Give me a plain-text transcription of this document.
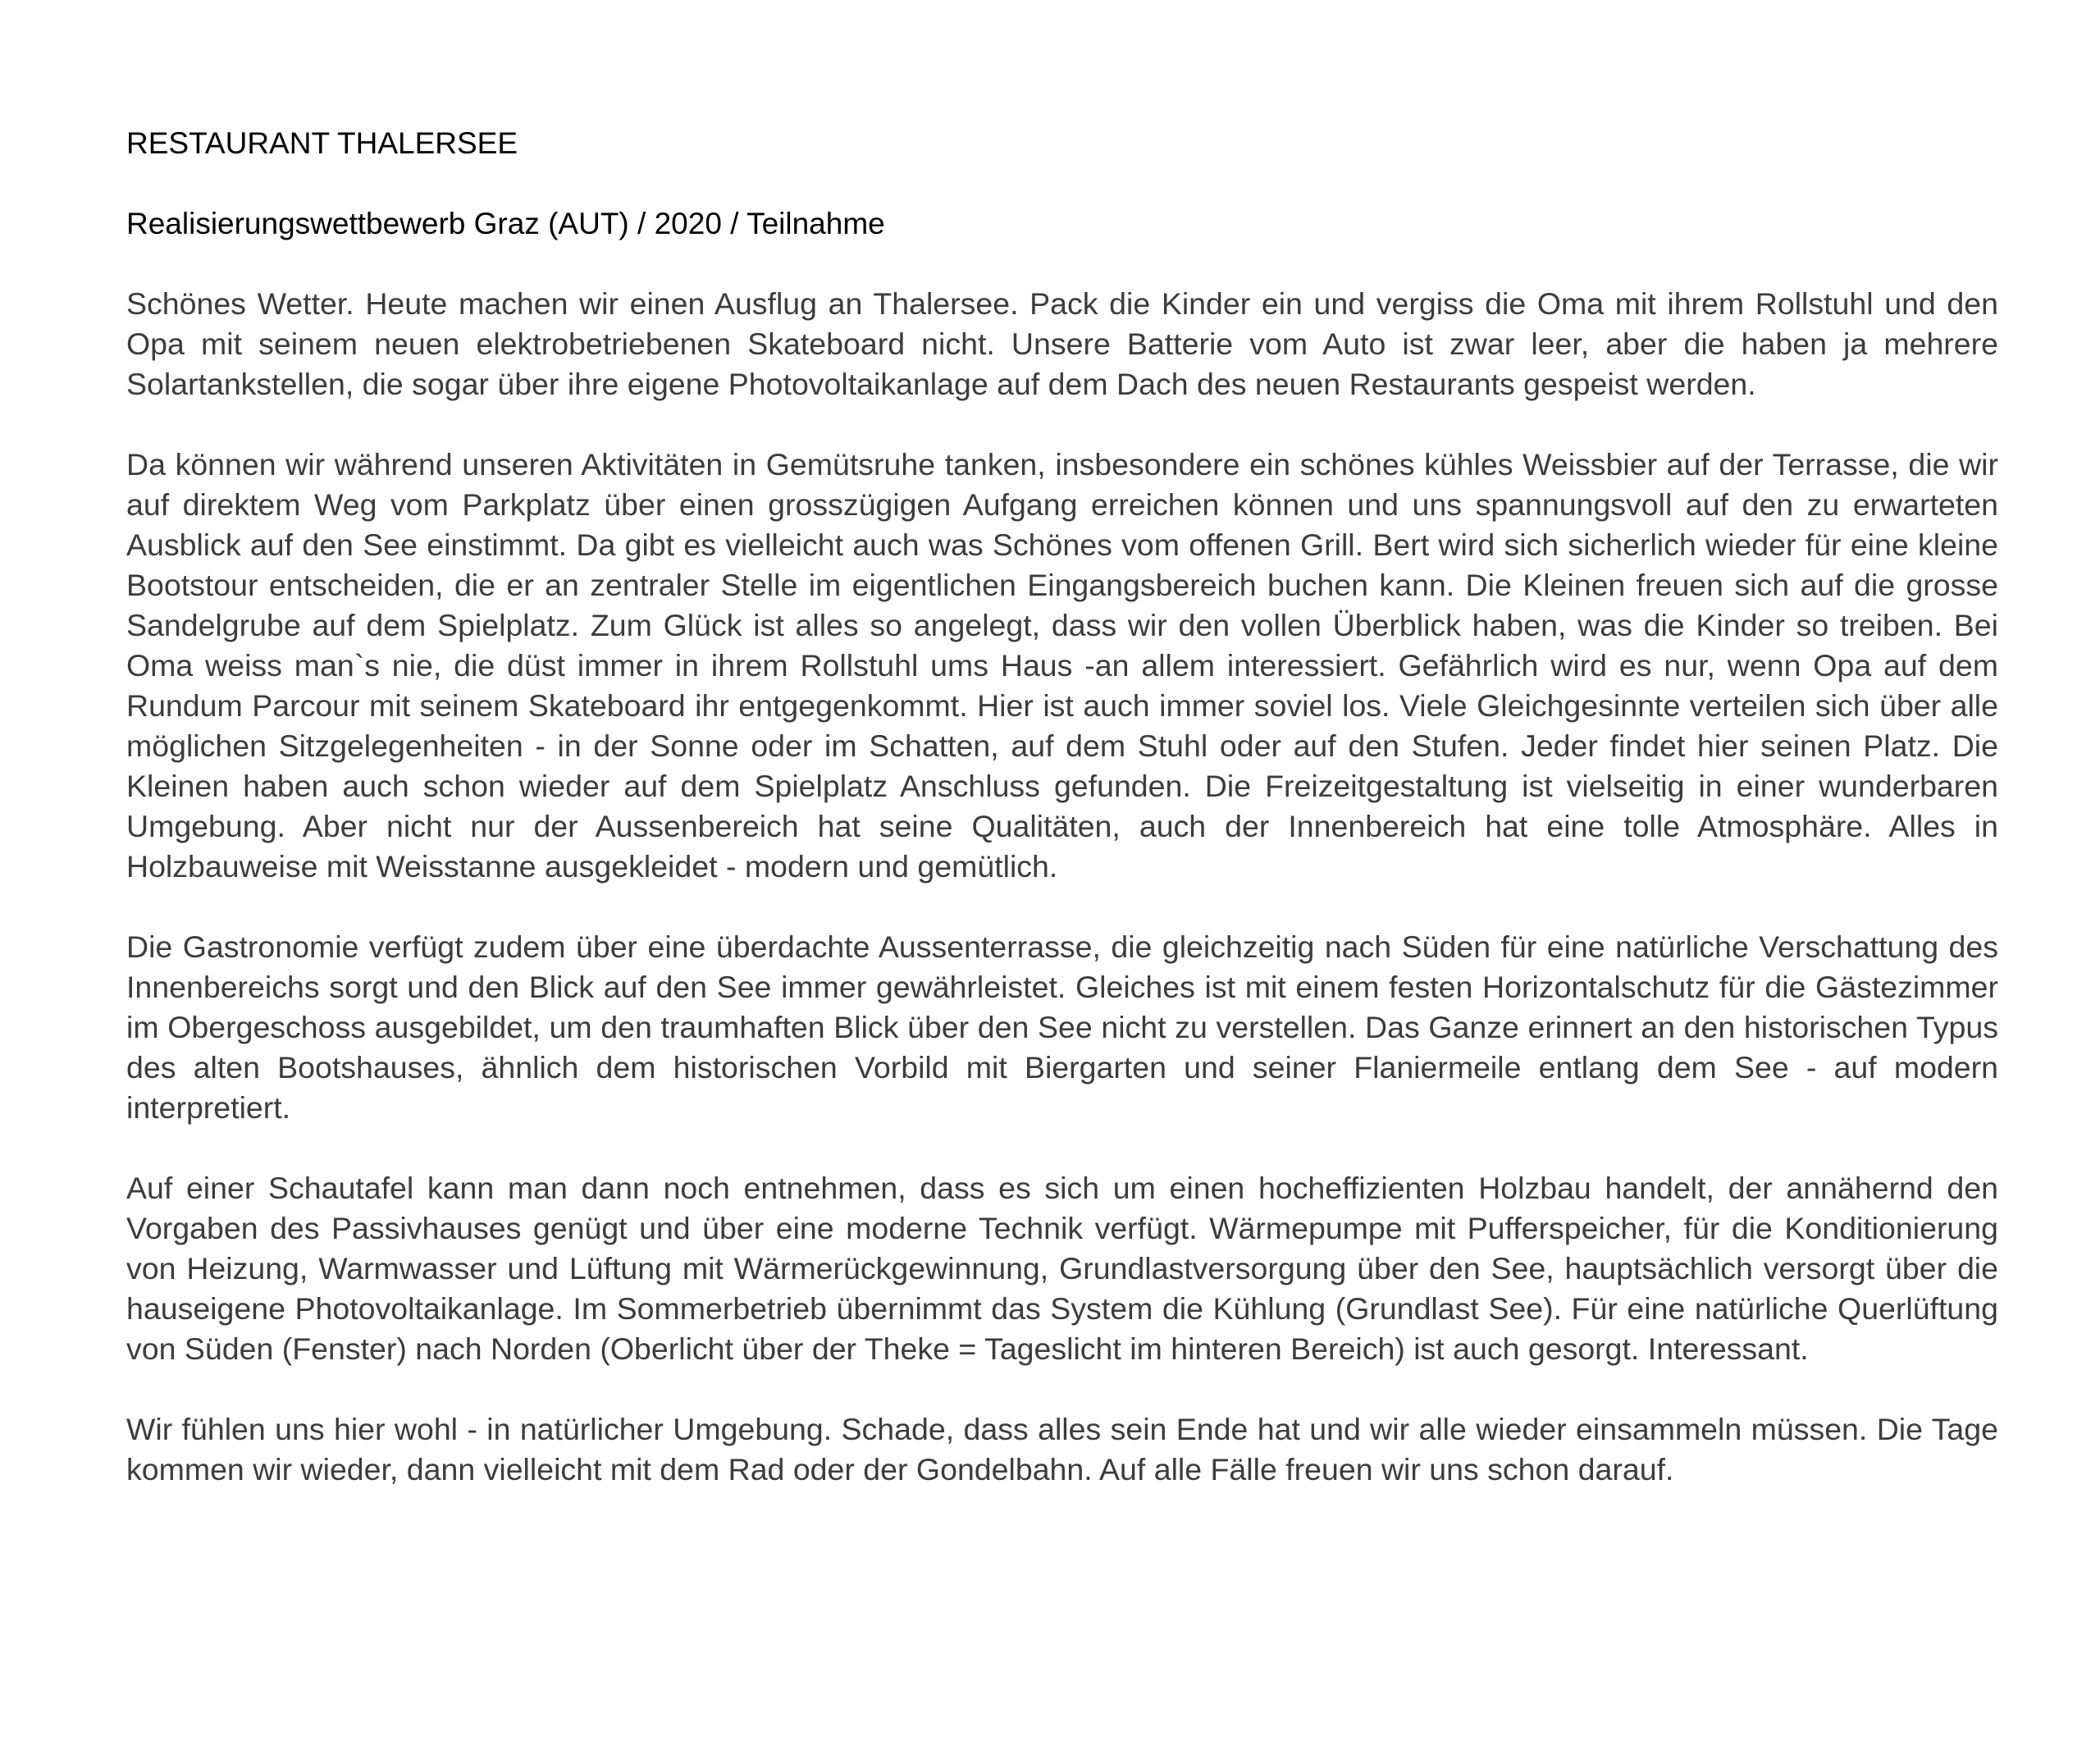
RESTAURANT THALERSEE
Realisierungswettbewerb Graz (AUT) / 2020 / Teilnahme

Schönes Wetter. Heute machen wir einen Ausflug an Thalersee. Pack die Kinder ein und vergiss die Oma mit ihrem Rollstuhl und den Opa mit seinem neuen elektrobetriebenen Skateboard nicht. Unsere Batterie vom Auto ist zwar leer, aber die haben ja mehrere Solartankstellen, die sogar über ihre eigene Photovoltaikanlage auf dem Dach des neuen Restaurants gespeist werden.

Da können wir während unseren Aktivitäten in Gemütsruhe tanken, insbesondere ein schönes kühles Weissbier auf der Terrasse, die wir auf direktem Weg vom Parkplatz über einen grosszügigen Aufgang erreichen können und uns spannungsvoll auf den zu erwarteten Ausblick auf den See einstimmt. Da gibt es vielleicht auch was Schönes vom offenen Grill. Bert wird sich sicherlich wieder für eine kleine Bootstour entscheiden, die er an zentraler Stelle im eigentlichen Eingangsbereich buchen kann. Die Kleinen freuen sich auf die grosse Sandelgrube auf dem Spielplatz. Zum Glück ist alles so angelegt, dass wir den vollen Überblick haben, was die Kinder so treiben. Bei Oma weiss man`s nie, die düst immer in ihrem Rollstuhl ums Haus -an allem interessiert. Gefährlich wird es nur, wenn Opa auf dem Rundum Parcour mit seinem Skateboard ihr entgegenkommt. Hier ist auch immer soviel los. Viele Gleichgesinnte verteilen sich über alle möglichen Sitzgelegenheiten - in der Sonne oder im Schatten, auf dem Stuhl oder auf den Stufen. Jeder findet hier seinen Platz. Die Kleinen haben auch schon wieder auf dem Spielplatz Anschluss gefunden. Die Freizeitgestaltung ist vielseitig in einer wunderbaren Umgebung. Aber nicht nur der Aussenbereich hat seine Qualitäten, auch der Innenbereich hat eine tolle Atmosphäre. Alles in Holzbauweise mit Weisstanne ausgekleidet - modern und gemütlich.

Die Gastronomie verfügt zudem über eine überdachte Aussenterrasse, die gleichzeitig nach Süden für eine natürliche Verschattung des Innenbereichs sorgt und den Blick auf den See immer gewährleistet. Gleiches ist mit einem festen Horizontalschutz für die Gästezimmer im Obergeschoss ausgebildet, um den traumhaften Blick über den See nicht zu verstellen. Das Ganze erinnert an den historischen Typus des alten Bootshauses, ähnlich dem historischen Vorbild mit Biergarten und seiner Flaniermeile entlang dem See - auf modern interpretiert.

Auf einer Schautafel kann man dann noch entnehmen, dass es sich um einen hocheffizienten Holzbau handelt, der annähernd den Vorgaben des Passivhauses genügt und über eine moderne Technik verfügt. Wärmepumpe mit Pufferspeicher, für die Konditionierung von Heizung, Warmwasser und Lüftung mit Wärmerückgewinnung, Grundlastversorgung über den See, hauptsächlich versorgt über die hauseigene Photovoltaikanlage. Im Sommerbetrieb übernimmt das System die Kühlung (Grundlast See). Für eine natürliche Querlüftung von Süden (Fenster) nach Norden (Oberlicht über der Theke = Tageslicht im hinteren Bereich) ist auch gesorgt. Interessant.

Wir fühlen uns hier wohl - in natürlicher Umgebung. Schade, dass alles sein Ende hat und wir alle wieder einsammeln müssen. Die Tage kommen wir wieder, dann vielleicht mit dem Rad oder der Gondelbahn. Auf alle Fälle freuen wir uns schon darauf.
